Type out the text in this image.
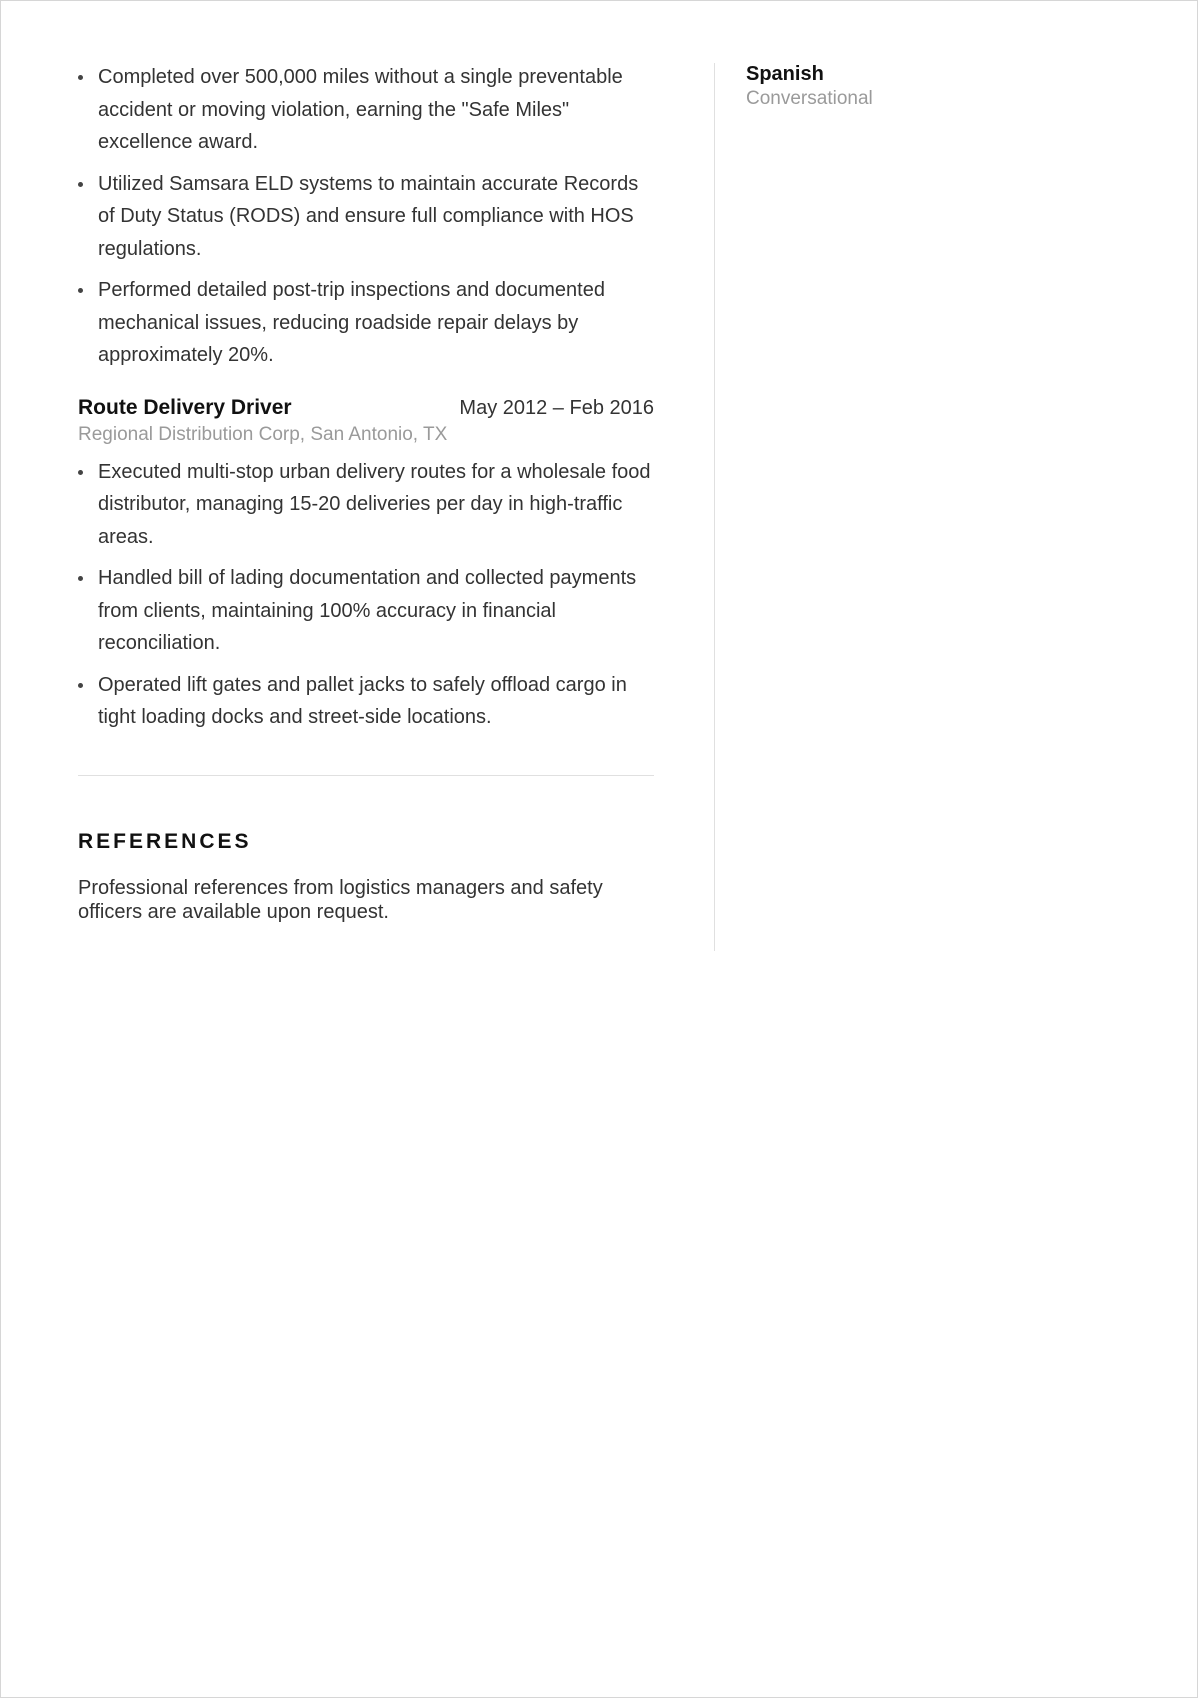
Completed over 500,000 miles without a single preventable accident or moving violation, earning the "Safe Miles" excellence award.
Utilized Samsara ELD systems to maintain accurate Records of Duty Status (RODS) and ensure full compliance with HOS regulations.
Performed detailed post-trip inspections and documented mechanical issues, reducing roadside repair delays by approximately 20%.
Route Delivery Driver	May 2012 – Feb 2016
Regional Distribution Corp, San Antonio, TX
Executed multi-stop urban delivery routes for a wholesale food distributor, managing 15-20 deliveries per day in high-traffic areas.
Handled bill of lading documentation and collected payments from clients, maintaining 100% accuracy in financial reconciliation.
Operated lift gates and pallet jacks to safely offload cargo in tight loading docks and street-side locations.
REFERENCES
Professional references from logistics managers and safety officers are available upon request.
Spanish
Conversational
